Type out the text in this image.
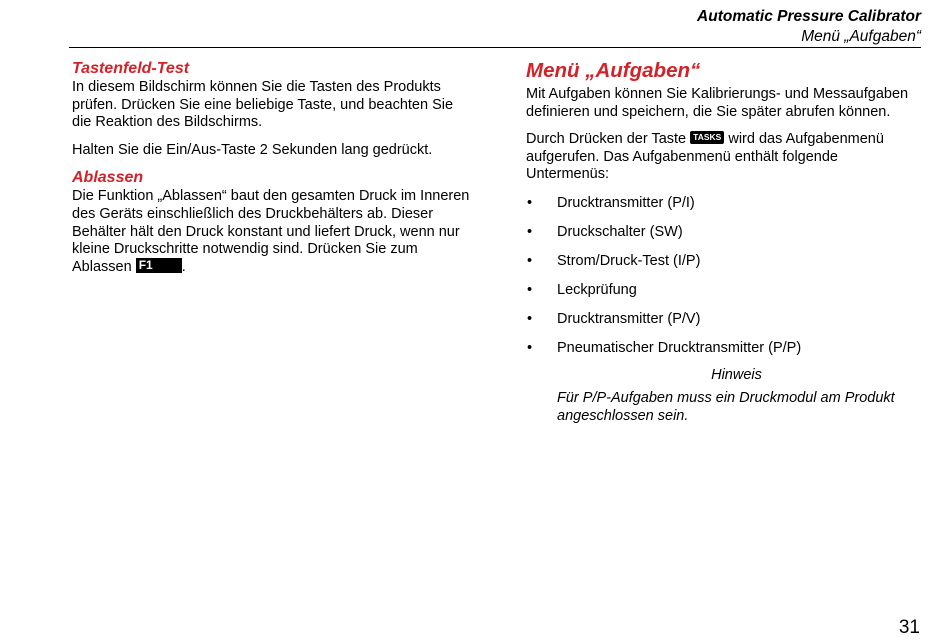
Automatic Pressure Calibrator
Menü „Aufgaben“
Tastenfeld-Test

In diesem Bildschirm können Sie die Tasten des Produkts prüfen. Drücken Sie eine beliebige Taste, und beachten Sie die Reaktion des Bildschirms.

Halten Sie die Ein/Aus-Taste 2 Sekunden lang gedrückt.

Ablassen

Die Funktion „Ablassen“ baut den gesamten Druck im Inneren des Geräts einschließlich des Druckbehälters ab. Dieser Behälter hält den Druck konstant und liefert Druck, wenn nur kleine Druckschritte notwendig sind. Drücken Sie zum Ablassen F1 .

Menü „Aufgaben“

Mit Aufgaben können Sie Kalibrierungs- und Messaufgaben definieren und speichern, die Sie später abrufen können.

Durch Drücken der Taste TASKS wird das Aufgabenmenü aufgerufen. Das Aufgabenmenü enthält folgende Untermenüs:

• Drucktransmitter (P/I)
• Druckschalter (SW)
• Strom/Druck-Test (I/P)
• Leckprüfung
• Drucktransmitter (P/V)
• Pneumatischer Drucktransmitter (P/P)
Hinweis
Für P/P-Aufgaben muss ein Druckmodul am Produkt angeschlossen sein.
31
